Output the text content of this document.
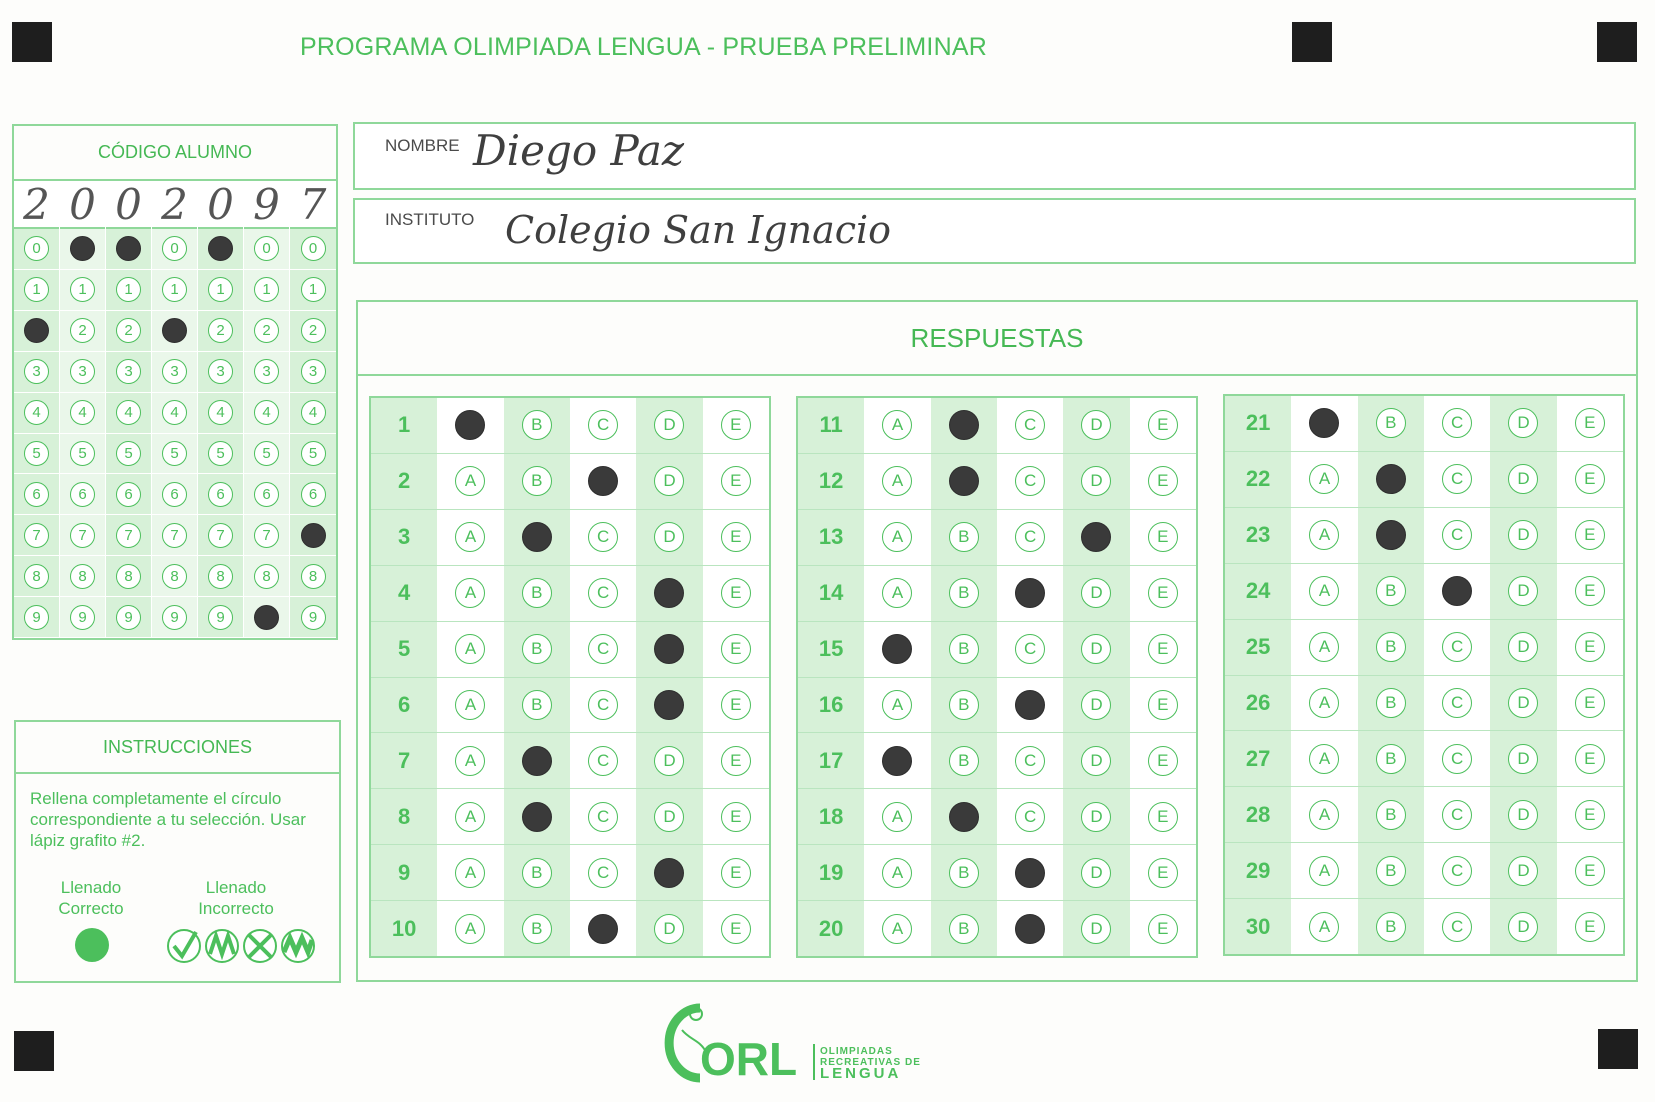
PROGRAMA OLIMPIADA LENGUA - PRUEBA PRELIMINAR
CÓDIGO ALUMNO
2
0
1
3
4
5
6
7
8
9
0
1
2
3
4
5
6
7
8
9
0
1
2
3
4
5
6
7
8
9
2
0
1
3
4
5
6
7
8
9
0
1
2
3
4
5
6
7
8
9
9
0
1
2
3
4
5
6
7
8
7
0
1
2
3
4
5
6
8
9
NOMBRE Diego Paz
INSTITUTO Colegio San Ignacio
INSTRUCCIONES
Rellena completamente el círculo correspondiente a tu selección. Usar lápiz grafito #2.
Llenado Correcto
Llenado Incorrecto
RESPUESTAS
1
2
3
4
5
6
7
8
9
10
A
A
A
A
A
A
A
A
A
B
B
B
B
B
B
B
C
C
C
C
C
C
C
C
D
D
D
D
D
D
E
E
E
E
E
E
E
E
E
E
11
12
13
14
15
16
17
18
19
20
A
A
A
A
A
A
A
A
B
B
B
B
B
B
B
C
C
C
C
C
C
D
D
D
D
D
D
D
D
D
E
E
E
E
E
E
E
E
E
E
21
22
23
24
25
26
27
28
29
30
A
A
A
A
A
A
A
A
A
B
B
B
B
B
B
B
B
C
C
C
C
C
C
C
C
C
D
D
D
D
D
D
D
D
D
D
E
E
E
E
E
E
E
E
E
E
ORL OLIMPIADAS
RECREATIVAS DE
LENGUA
